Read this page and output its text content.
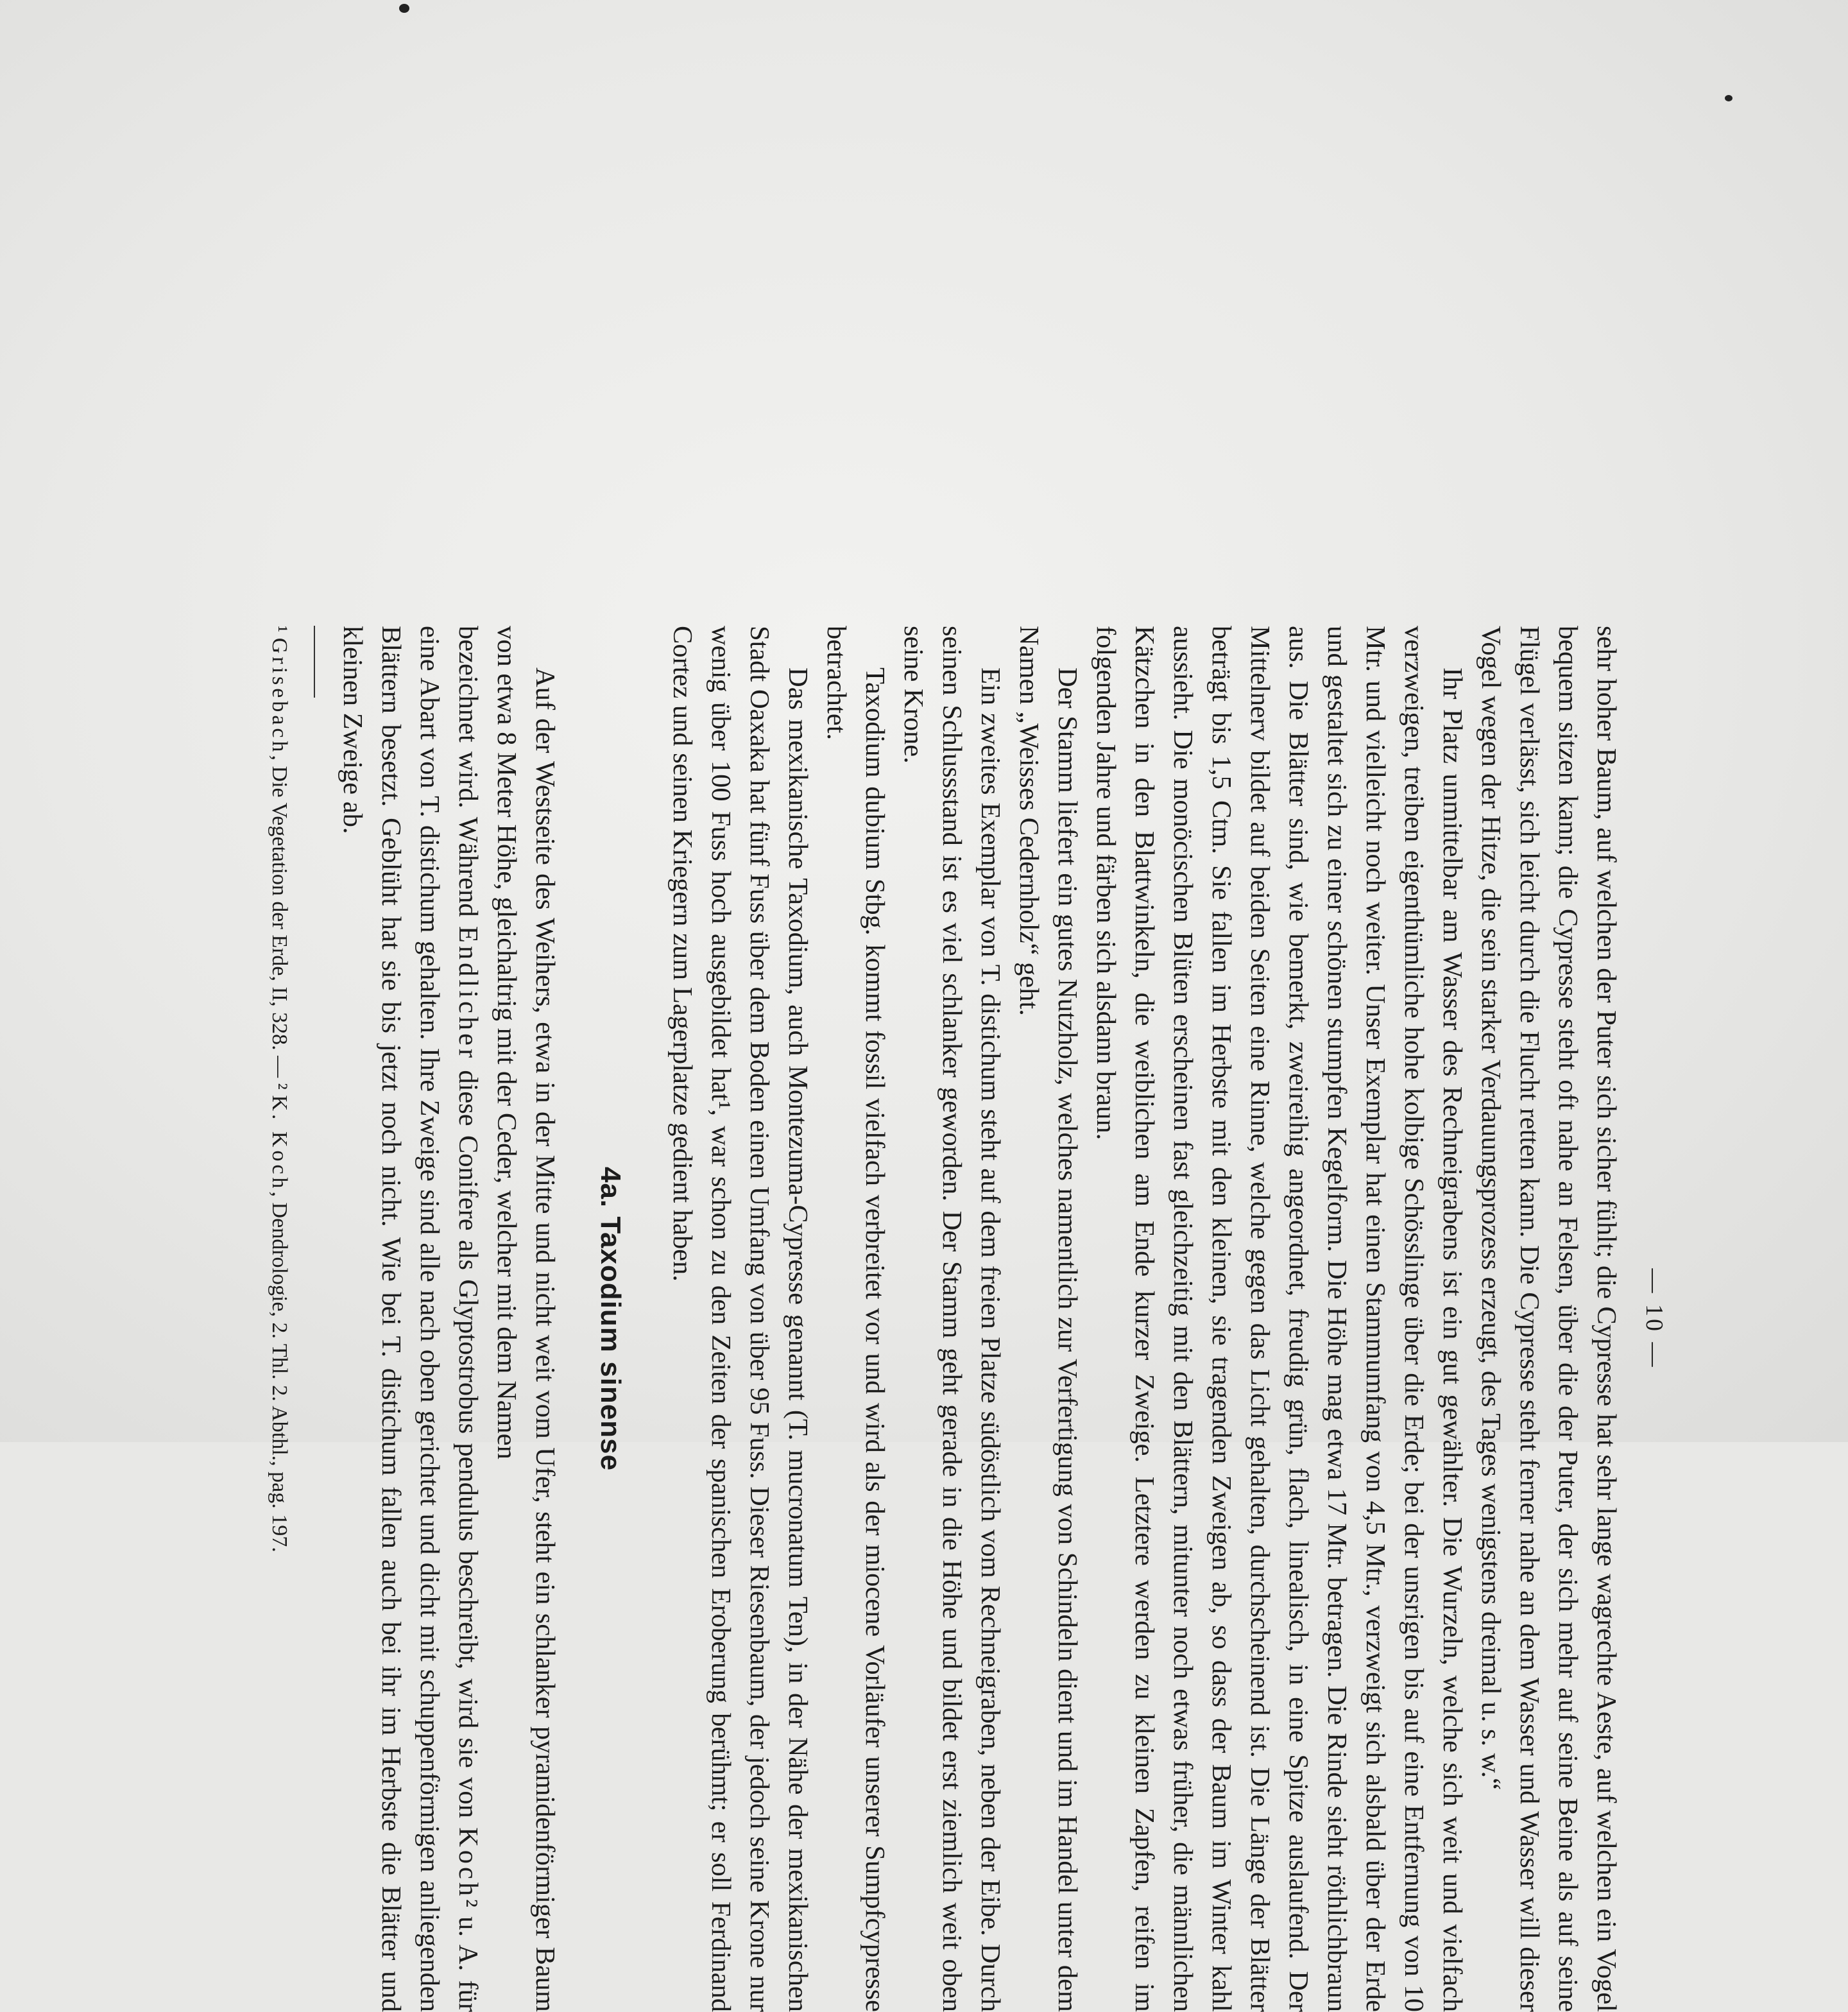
— 10 —

sehr hoher Baum, auf welchen der Puter sich sicher fühlt; die Cypresse hat sehr lange wagrechte Aeste, auf welchen ein Vogel bequem sitzen kann; die Cypresse steht oft nahe an Felsen, über die der Puter, der sich mehr auf seine Beine als auf seine Flügel verlässt, sich leicht durch die Flucht retten kann. Die Cypresse steht ferner nahe an dem Wasser und Wasser will dieser Vogel wegen der Hitze, die sein starker Verdauungsprozess erzeugt, des Tages wenigstens dreimal u. s. w.“

Ihr Platz unmittelbar am Wasser des Rechneigrabens ist ein gut gewählter. Die Wurzeln, welche sich weit und vielfach verzweigen, treiben eigenthümliche hohe kolbige Schösslinge über die Erde; bei der unsrigen bis auf eine Entfernung von 10 Mtr. und vielleicht noch weiter. Unser Exemplar hat einen Stammumfang von 4,5 Mtr., verzweigt sich alsbald über der Erde und gestaltet sich zu einer schönen stumpfen Kegelform. Die Höhe mag etwa 17 Mtr. betragen. Die Rinde sieht röthlichbraun aus. Die Blätter sind, wie bemerkt, zweireihig angeordnet, freudig grün, flach, linealisch, in eine Spitze auslaufend. Der Mittelnerv bildet auf beiden Seiten eine Rinne, welche gegen das Licht gehalten, durchscheinend ist. Die Länge der Blätter beträgt bis 1,5 Ctm. Sie fallen im Herbste mit den kleinen, sie tragenden Zweigen ab, so dass der Baum im Winter kahl aussieht. Die monöcischen Blüten erscheinen fast gleichzeitig mit den Blättern, mitunter noch etwas früher, die männlichen Kätzchen in den Blattwinkeln, die weiblichen am Ende kurzer Zweige. Letztere werden zu kleinen Zapfen, reifen im folgenden Jahre und färben sich alsdann braun.

Der Stamm liefert ein gutes Nutzholz, welches namentlich zur Verfertigung von Schindeln dient und im Handel unter dem Namen „Weisses Cedernholz“ geht.

Ein zweites Exemplar von T. distichum steht auf dem freien Platze südöstlich vom Rechneigraben, neben der Eibe. Durch seinen Schlussstand ist es viel schlanker geworden. Der Stamm geht gerade in die Höhe und bildet erst ziemlich weit oben seine Krone.

Taxodium dubium Stbg. kommt fossil vielfach verbreitet vor und wird als der miocene Vorläufer unserer Sumpfcypresse betrachtet.

Das mexikanische Taxodium, auch Montezuma-Cypresse genannt (T. mucronatum Ten), in der Nähe der mexikanischen Stadt Oaxaka hat fünf Fuss über dem Boden einen Umfang von über 95 Fuss. Dieser Riesenbaum, der jedoch seine Krone nur wenig über 100 Fuss hoch ausgebildet hat¹, war schon zu den Zeiten der spanischen Eroberung berühmt; er soll Ferdinand Cortez und seinen Kriegern zum Lagerplatze gedient haben.

4a. Taxodium sinense

Auf der Westseite des Weihers, etwa in der Mitte und nicht weit vom Ufer, steht ein schlanker pyramidenförmiger Baum von etwa 8 Meter Höhe, gleichaltrig mit der Ceder, welcher mit dem Namen

bezeichnet wird. Während Endlicher diese Conifere als Glyptostrobus pendulus beschreibt, wird sie von Koch² u. A. für eine Abart von T. distichum gehalten. Ihre Zweige sind alle nach oben gerichtet und dicht mit schuppenförmigen anliegenden Blättern besetzt. Geblüht hat sie bis jetzt noch nicht. Wie bei T. distichum fallen auch bei ihr im Herbste die Blätter und kleinen Zweige ab.

¹ Grisebach, Die Vegetation der Erde, II, 328. — ² K. Koch, Dendrologie, 2. Thl. 2. Abthl., pag. 197.
